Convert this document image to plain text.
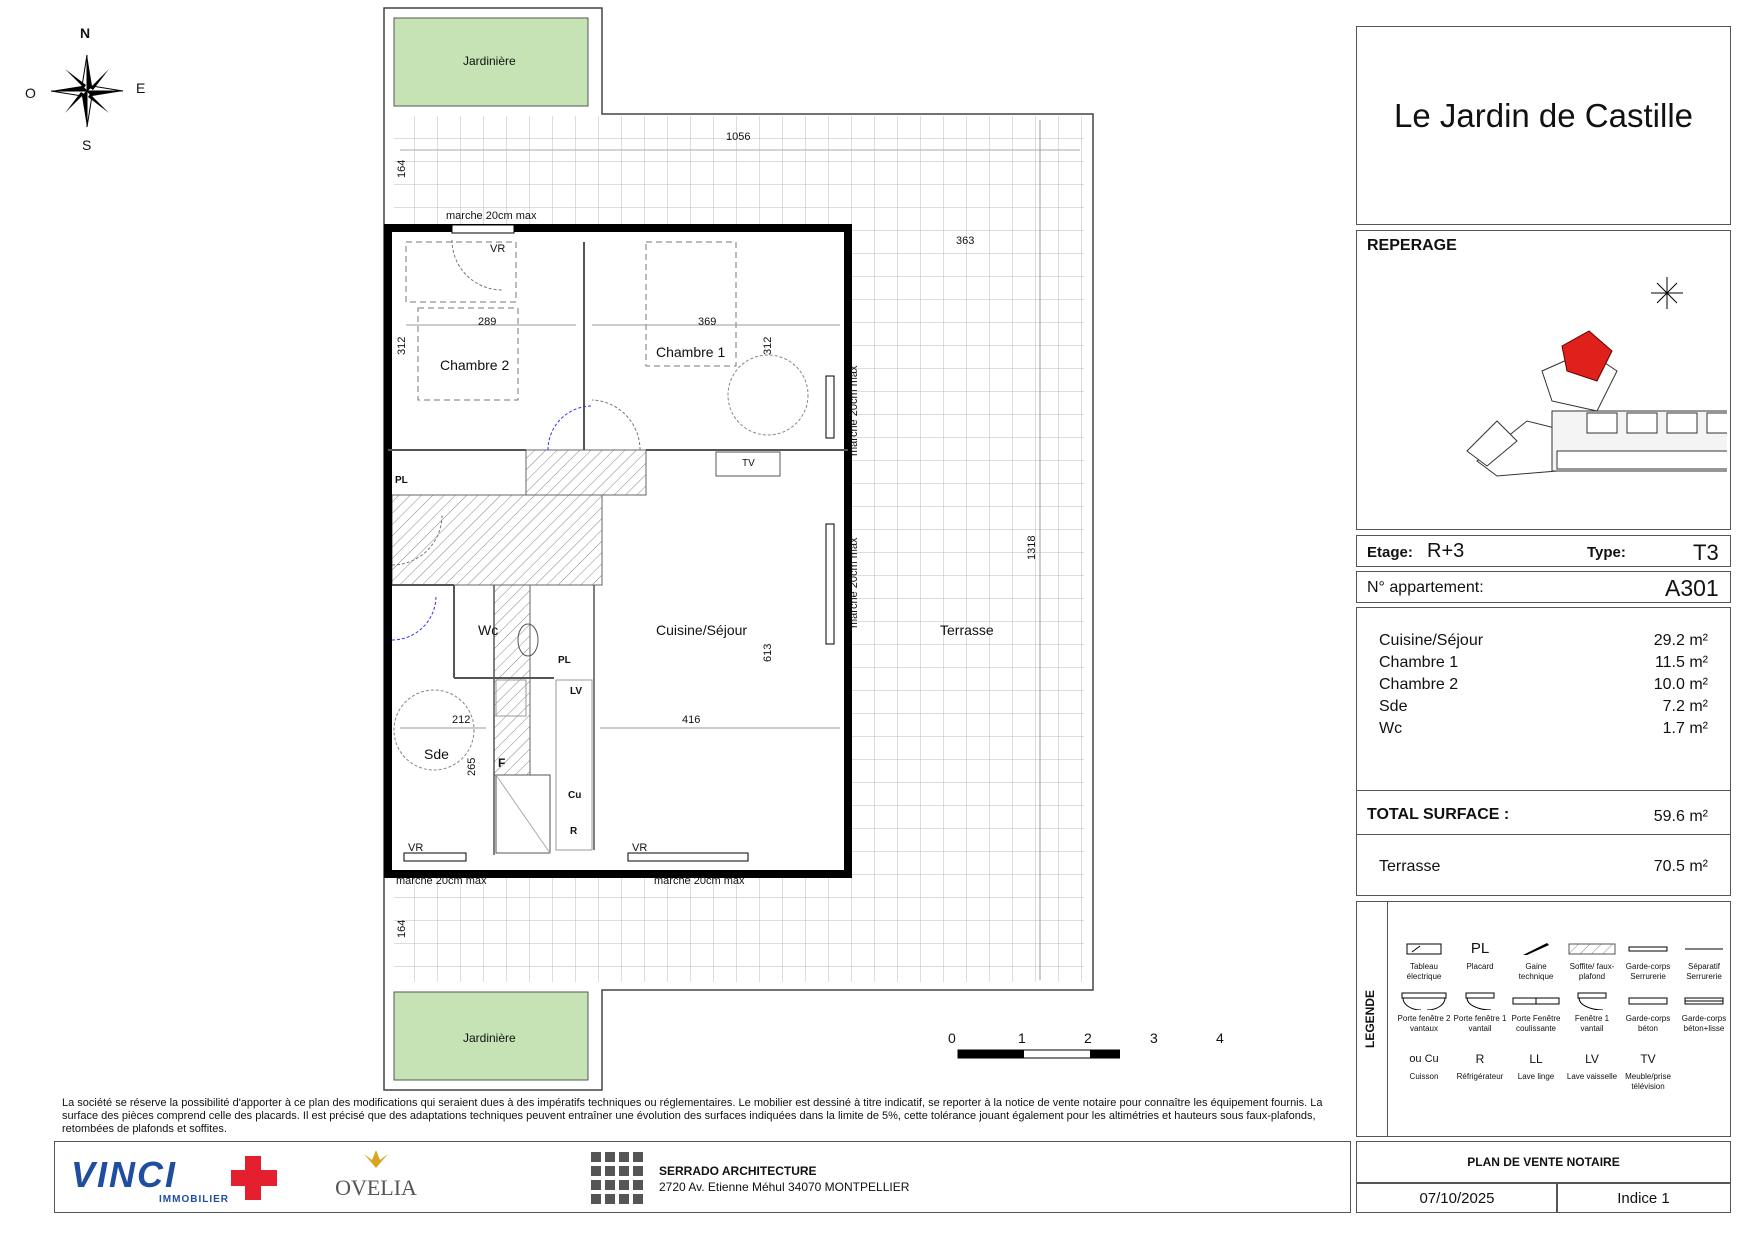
N
E
S
O
Jardinière
Jardinière
Chambre 2
Chambre 1
Wc
Sde
Cuisine/Séjour	Terrasse
1056
164
363
289	369
312	312
1318
613
416
212
265
164
marche 20cm max
marche 20cm max
marche 20cm max
marche 20cm max	marche 20cm max
VR
VR	VR
TV
PL
PL
LV
F
Cu
R
0	1	2	3	4
Le Jardin de Castille
REPERAGE
Etage: R+3	Type:	T3
N° appartement:	A301
Cuisine/Séjour	29.2 m²
Chambre 1	11.5 m²
Chambre 2	10.0 m²
Sde	7.2 m²
Wc	1.7 m²
TOTAL SURFACE :	59.6 m²
Terrasse	70.5 m²
LEGENDE
Tableau électrique
PL
Placard	Gaine technique
Soffite/ faux-plafond
Garde-corps Serrurerie
Séparatif Serrurerie
Porte fenêtre 2 vantaux
Porte fenêtre 1 vantail
Porte Fenêtre coulissante
Fenêtre 1 vantail
Garde-corps béton
Garde-corps béton+lisse
ou Cu
Cuisson
R
Réfrigérateur
LL
Lave linge
LV
Lave vaisselle
TV
Meuble/prise télévision
La société se réserve la possibilité d'apporter à ce plan des modifications qui seraient dues à des impératifs techniques ou réglementaires. Le mobilier est dessiné à titre indicatif, se reporter à la notice de vente notaire pour connaître les équipement fournis. La surface des pièces comprend celle des placards. Il est précisé que des adaptations techniques peuvent entraîner une évolution des surfaces indiquées dans la limite de 5%, cette tolérance jouant également pour les altimétries et hauteurs sous faux-plafonds, retombées de plafonds et soffites.
VINCI
IMMOBILIER	OVELIA
SERRADO ARCHITECTURE
2720 Av. Etienne Méhul 34070 MONTPELLIER
PLAN DE VENTE NOTAIRE
07/10/2025	Indice 1
